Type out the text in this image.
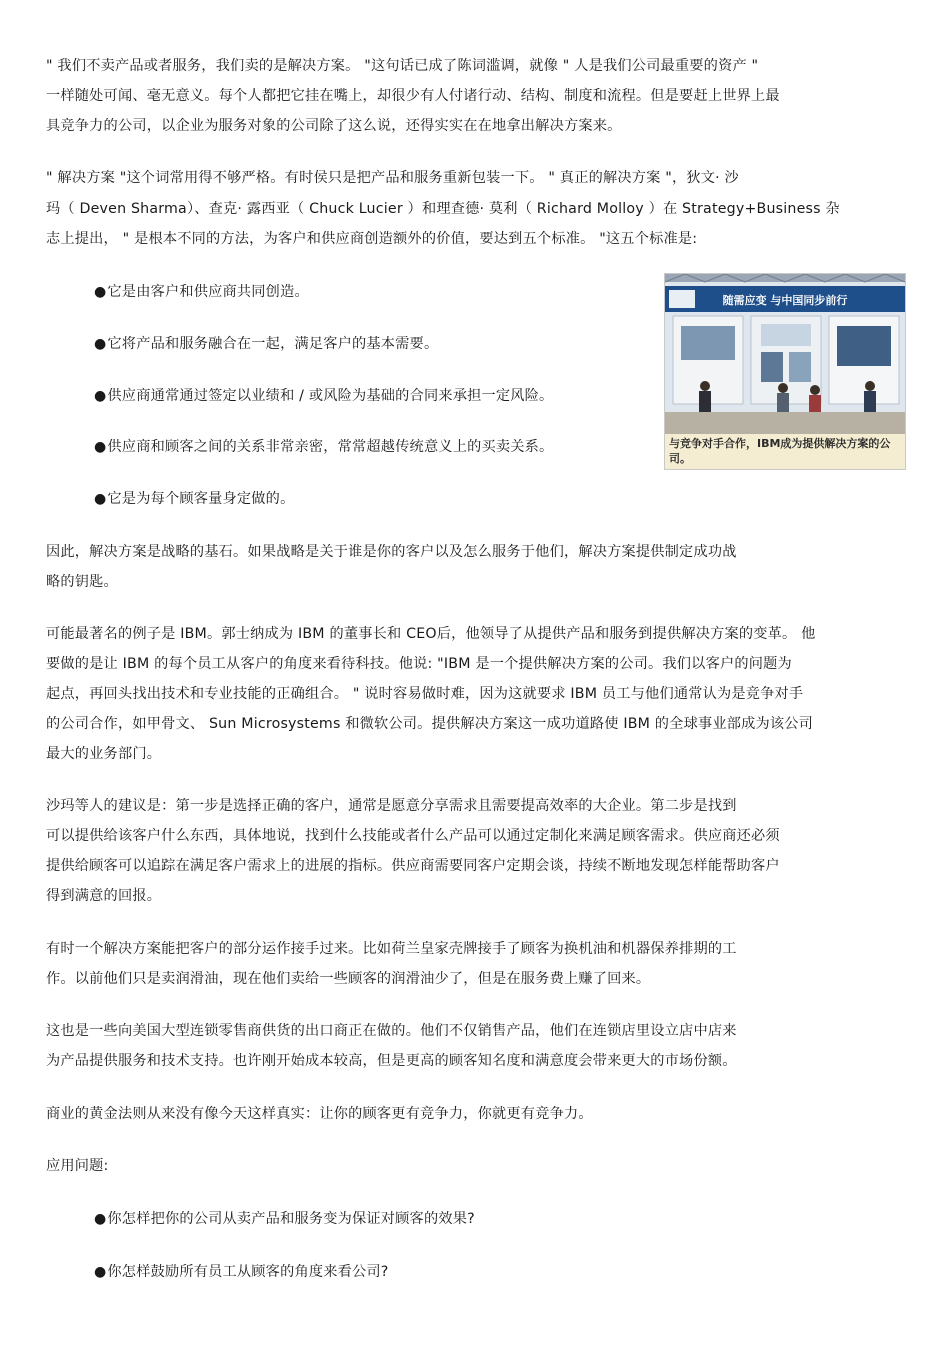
" 我们不卖产品或者服务，我们卖的是解决方案。 "这句话已成了陈词滥调，就像 " 人是我们公司最重要的资产 "
一样随处可闻、毫无意义。每个人都把它挂在嘴上，却很少有人付诸行动、结构、制度和流程。但是要赶上世界上最
具竞争力的公司，以企业为服务对象的公司除了这么说，还得实实在在地拿出解决方案来。
" 解决方案 "这个词常用得不够严格。有时侯只是把产品和服务重新包装一下。 " 真正的解决方案 "，狄文· 沙
玛（ Deven Sharma）、查克· 露西亚（ Chuck Lucier ）和理查德· 莫利（ Richard Molloy ）在 Strategy+Business 杂
志上提出， " 是根本不同的方法，为客户和供应商创造额外的价值，要达到五个标准。 "这五个标准是:
●它是由客户和供应商共同创造。
●它将产品和服务融合在一起，满足客户的基本需要。
●供应商通常通过签定以业绩和 / 或风险为基础的合同来承担一定风险。
●供应商和顾客之间的关系非常亲密，常常超越传统意义上的买卖关系。
●它是为每个顾客量身定做的。
随需应变 与中国同步前行
与竞争对手合作，IBM成为提供解决方案的公司。
因此，解决方案是战略的基石。如果战略是关于谁是你的客户以及怎么服务于他们，解决方案提供制定成功战
略的钥匙。
可能最著名的例子是 IBM。郭士纳成为 IBM 的董事长和 CEO后，他领导了从提供产品和服务到提供解决方案的变革。 他
要做的是让 IBM 的每个员工从客户的角度来看待科技。他说: "IBM 是一个提供解决方案的公司。我们以客户的问题为
起点，再回头找出技术和专业技能的正确组合。 " 说时容易做时难，因为这就要求 IBM 员工与他们通常认为是竞争对手
的公司合作，如甲骨文、 Sun Microsystems 和微软公司。提供解决方案这一成功道路使 IBM 的全球事业部成为该公司
最大的业务部门。
沙玛等人的建议是：第一步是选择正确的客户，通常是愿意分享需求且需要提高效率的大企业。第二步是找到
可以提供给该客户什么东西，具体地说，找到什么技能或者什么产品可以通过定制化来满足顾客需求。供应商还必须
提供给顾客可以追踪在满足客户需求上的进展的指标。供应商需要同客户定期会谈，持续不断地发现怎样能帮助客户
得到满意的回报。
有时一个解决方案能把客户的部分运作接手过来。比如荷兰皇家壳牌接手了顾客为换机油和机器保养排期的工
作。以前他们只是卖润滑油，现在他们卖给一些顾客的润滑油少了，但是在服务费上赚了回来。
这也是一些向美国大型连锁零售商供货的出口商正在做的。他们不仅销售产品，他们在连锁店里设立店中店来
为产品提供服务和技术支持。也许刚开始成本较高，但是更高的顾客知名度和满意度会带来更大的市场份额。
商业的黄金法则从来没有像今天这样真实：让你的顾客更有竞争力，你就更有竞争力。
应用问题:
●你怎样把你的公司从卖产品和服务变为保证对顾客的效果?
●你怎样鼓励所有员工从顾客的角度来看公司?
